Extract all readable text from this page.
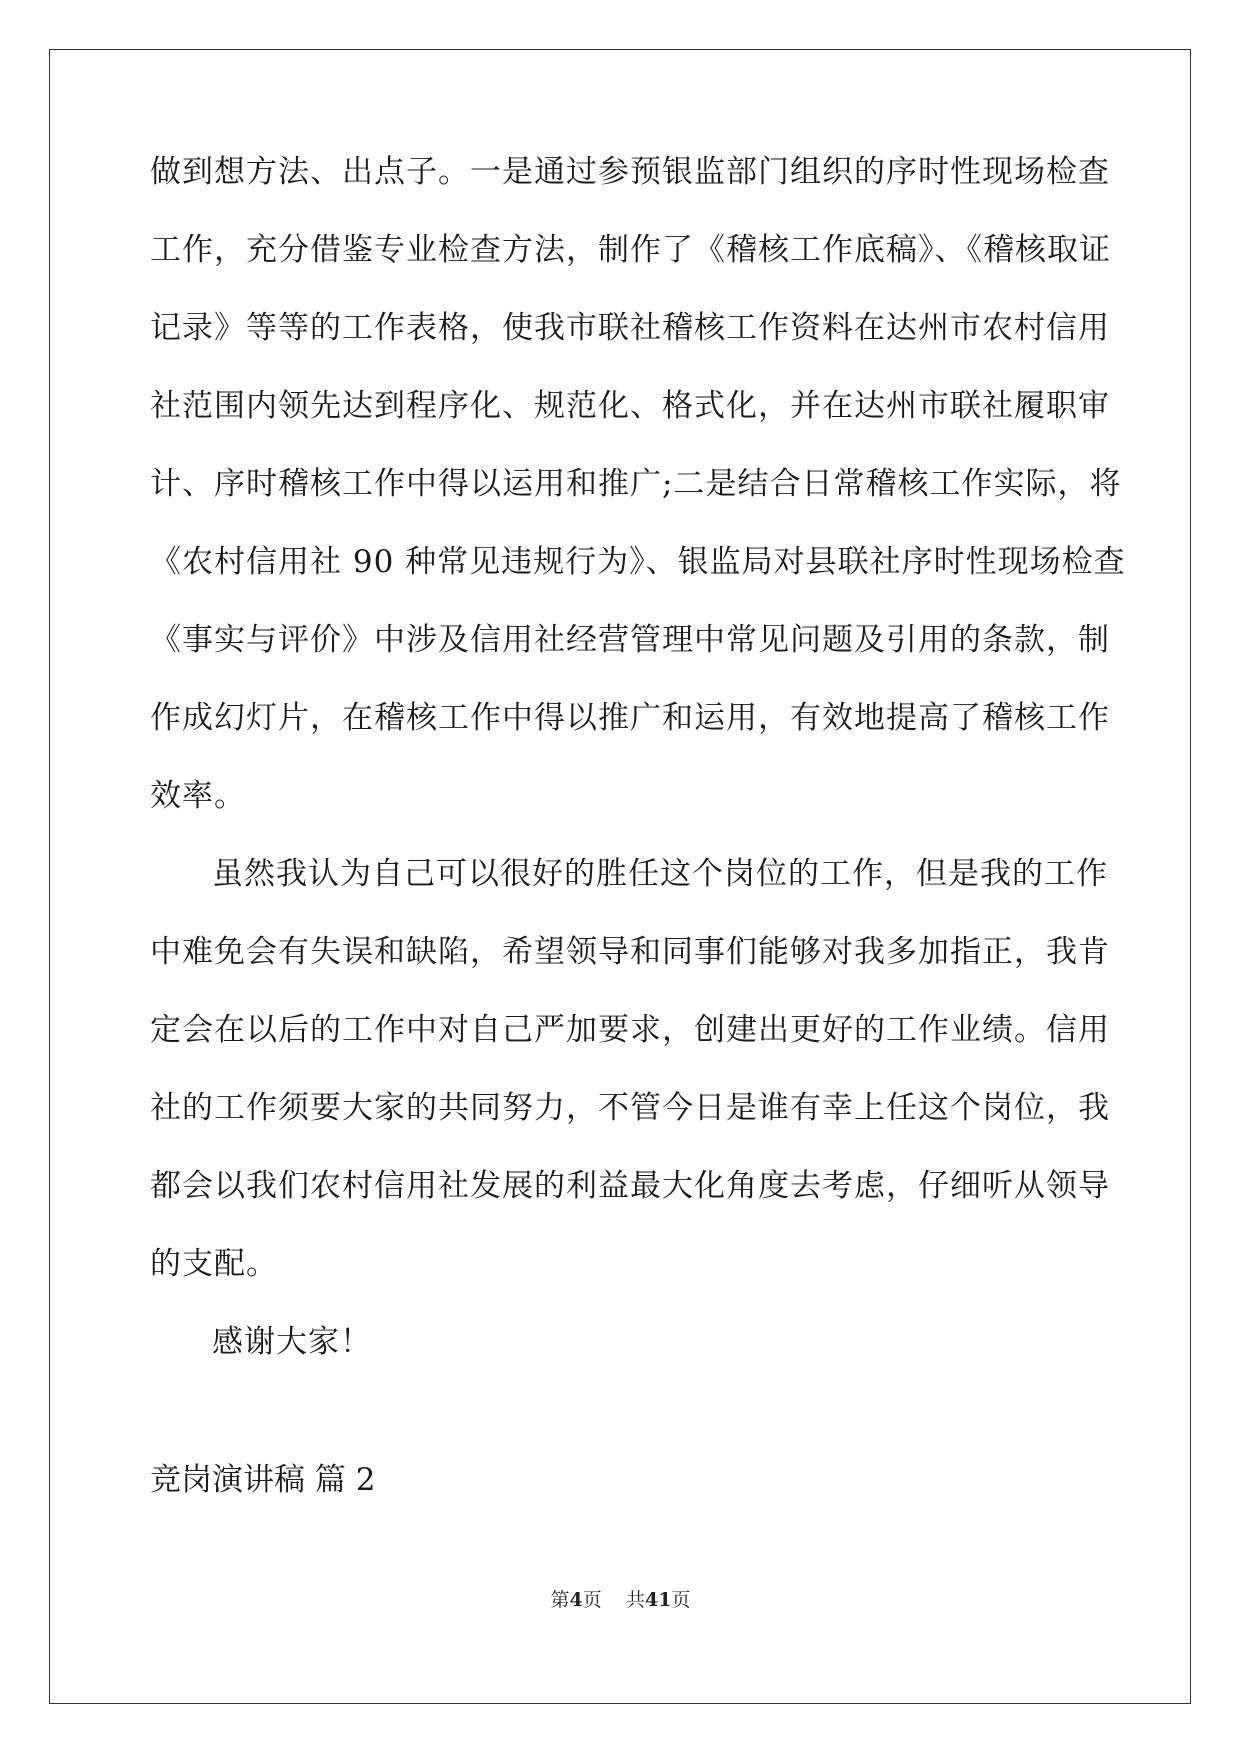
做到想方法、出点子。一是通过参预银监部门组织的序时性现场检查
工作，充分借鉴专业检查方法，制作了《稽核工作底稿》、《稽核取证
记录》等等的工作表格，使我市联社稽核工作资料在达州市农村信用
社范围内领先达到程序化、规范化、格式化，并在达州市联社履职审
计、序时稽核工作中得以运用和推广;二是结合日常稽核工作实际，将
《农村信用社 90 种常见违规行为》、银监局对县联社序时性现场检查
《事实与评价》中涉及信用社经营管理中常见问题及引用的条款，制
作成幻灯片，在稽核工作中得以推广和运用，有效地提高了稽核工作
效率。
虽然我认为自己可以很好的胜任这个岗位的工作，但是我的工作
中难免会有失误和缺陷，希望领导和同事们能够对我多加指正，我肯
定会在以后的工作中对自己严加要求，创建出更好的工作业绩。信用
社的工作须要大家的共同努力，不管今日是谁有幸上任这个岗位，我
都会以我们农村信用社发展的利益最大化角度去考虑，仔细听从领导
的支配。
感谢大家！
竞岗演讲稿 篇 2
第4页 共41页
